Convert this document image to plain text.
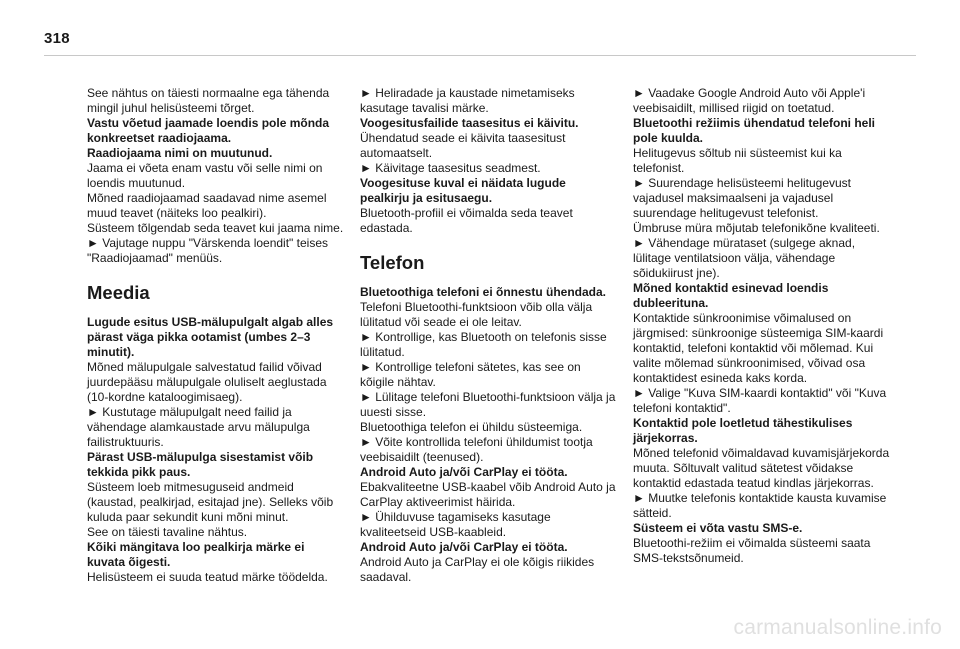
318

See nähtus on täiesti normaalne ega tähenda mingil juhul helisüsteemi tõrget.

Vastu võetud jaamade loendis pole mõnda konkreetset raadiojaama.

Raadiojaama nimi on muutunud.

Jaama ei võeta enam vastu või selle nimi on loendis muutunud.

Mõned raadiojaamad saadavad nime asemel muud teavet (näiteks loo pealkiri).

Süsteem tõlgendab seda teavet kui jaama nime.

► Vajutage nuppu "Värskenda loendit" teises "Raadiojaamad" menüüs.

Meedia

Lugude esitus USB-mälupulgalt algab alles pärast väga pikka ootamist (umbes 2–3 minutit).

Mõned mälupulgale salvestatud failid võivad juurdepääsu mälupulgale oluliselt aeglustada (10-kordne kataloogimisaeg).

► Kustutage mälupulgalt need failid ja vähendage alamkaustade arvu mälupulga failistruktuuris.

Pärast USB-mälupulga sisestamist võib tekkida pikk paus.

Süsteem loeb mitmesuguseid andmeid (kaustad, pealkirjad, esitajad jne). Selleks võib kuluda paar sekundit kuni mõni minut.

See on täiesti tavaline nähtus.

Kõiki mängitava loo pealkirja märke ei kuvata õigesti.

Helisüsteem ei suuda teatud märke töödelda.

► Heliradade ja kaustade nimetamiseks kasutage tavalisi märke.

Voogesitusfailide taasesitus ei käivitu.

Ühendatud seade ei käivita taasesitust automaatselt.

► Käivitage taasesitus seadmest.

Voogesituse kuval ei näidata lugude pealkirju ja esitusaegu.

Bluetooth-profiil ei võimalda seda teavet edastada.

Telefon

Bluetoothiga telefoni ei õnnestu ühendada.

Telefoni Bluetoothi-funktsioon võib olla välja lülitatud või seade ei ole leitav.

► Kontrollige, kas Bluetooth on telefonis sisse lülitatud.

► Kontrollige telefoni sätetes, kas see on kõigile nähtav.

► Lülitage telefoni Bluetoothi-funktsioon välja ja uuesti sisse.

Bluetoothiga telefon ei ühildu süsteemiga.

► Võite kontrollida telefoni ühildumist tootja veebisaidilt (teenused).

Android Auto ja/või CarPlay ei tööta.

Ebakvaliteetne USB-kaabel võib Android Auto ja CarPlay aktiveerimist häirida.

► Ühilduvuse tagamiseks kasutage kvaliteetseid USB-kaableid.

Android Auto ja/või CarPlay ei tööta.

Android Auto ja CarPlay ei ole kõigis riikides saadaval.

► Vaadake Google Android Auto või Apple'i veebisaidilt, millised riigid on toetatud.

Bluetoothi režiimis ühendatud telefoni heli pole kuulda.

Helitugevus sõltub nii süsteemist kui ka telefonist.

► Suurendage helisüsteemi helitugevust vajadusel maksimaalseni ja vajadusel suurendage helitugevust telefonist.

Ümbruse müra mõjutab telefonikõne kvaliteeti.

► Vähendage mürataset (sulgege aknad, lülitage ventilatsioon välja, vähendage sõidukiirust jne).

Mõned kontaktid esinevad loendis dubleerituna.

Kontaktide sünkroonimise võimalused on järgmised: sünkroonige süsteemiga SIM-kaardi kontaktid, telefoni kontaktid või mõlemad. Kui valite mõlemad sünkroonimised, võivad osa kontaktidest esineda kaks korda.

► Valige "Kuva SIM-kaardi kontaktid" või "Kuva telefoni kontaktid".

Kontaktid pole loetletud tähestikulises järjekorras.

Mõned telefonid võimaldavad kuvamisjärjekorda muuta. Sõltuvalt valitud sätetest võidakse kontaktid edastada teatud kindlas järjekorras.

► Muutke telefonis kontaktide kausta kuvamise sätteid.

Süsteem ei võta vastu SMS-e.

Bluetoothi-režiim ei võimalda süsteemi saata SMS-tekstsõnumeid.

carmanualsonline.info
